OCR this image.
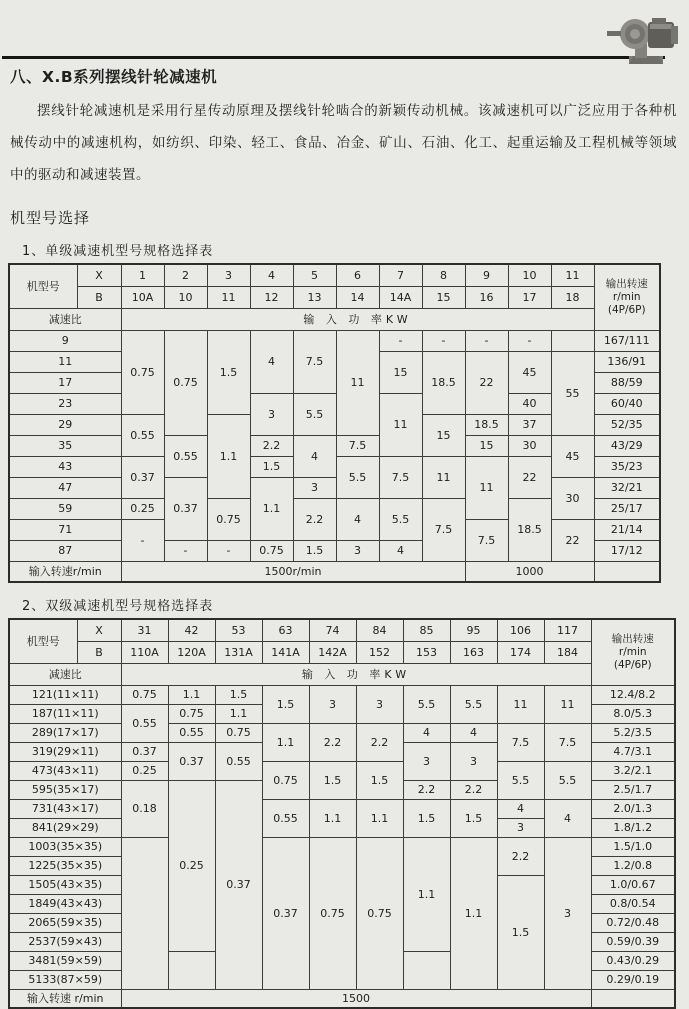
八、X.B系列摆线针轮减速机

摆线针轮减速机是采用行星传动原理及摆线针轮啮合的新颖传动机械。该减速机可以广泛应用于各种机械传动中的减速机构，如纺织、印染、轻工、食品、冶金、矿山、石油、化工、起重运输及工程机械等领域中的驱动和减速装置。

机型号选择
1、单级减速机型号规格选择表
机型号	X	1	2	3	4	5	6	7	8	9	10	11	输出转速
r/min
(4P/6P)
	B	10A	10	11	12	13	14	14A	15	16	17	18	
减速比		输 入 功 率KW											
9		0.75	0.75	1.5	4	7.5	11	-	-	-	-		167/111
11								15	18.5	22	45	55	136/91
17													88/59
23					3	5.5		11			40		60/40
29		0.55		1.1					15	18.5	37		52/35
35			0.55		2.2	4	7.5			15	30	45	43/29
43		0.37			1.5		5.5	7.5	11	11	22		35/23
47			0.37		1.1	3						30	32/21
59		0.25		0.75		2.2	4	5.5	7.5		18.5		25/17
71		-								7.5		22	21/14
87			-	-	0.75	1.5	3	4					17/12
输入转速r/min		1500r/min								1000			
2、双级减速机型号规格选择表
机型号	X	31	42	53	63	74	84	85	95	106	117	输出转速
r/min
(4P/6P)
	B	110A	120A	131A	141A	142A	152	153	163	174	184	
减速比		输 入 功 率KW										
121(11×11)		0.75	1.1	1.5	1.5	3	3	5.5	5.5	11	11	12.4/8.2
187(11×11)		0.55	0.75	1.1								8.0/5.3
289(17×17)			0.55	0.75	1.1	2.2	2.2	4	4	7.5	7.5	5.2/3.5
319(29×11)		0.37	0.37	0.55				3	3			4.7/3.1
473(43×11)		0.25			0.75	1.5	1.5			5.5	5.5	3.2/2.1
595(35×17)		0.18	0.25	0.37				2.2	2.2			2.5/1.7
731(43×17)					0.55	1.1	1.1	1.5	1.5	4	4	2.0/1.3
841(29×29)										3		1.8/1.2
1003(35×35)					0.37	0.75	0.75	1.1	1.1	2.2	3	1.5/1.0
1225(35×35)												1.2/0.8
1505(43×35)										1.5		1.0/0.67
1849(43×43)												0.8/0.54
2065(59×35)												0.72/0.48
2537(59×43)												0.59/0.39
3481(59×59)												0.43/0.29
5133(87×59)												0.29/0.19
输入转速 r/min		1500										
